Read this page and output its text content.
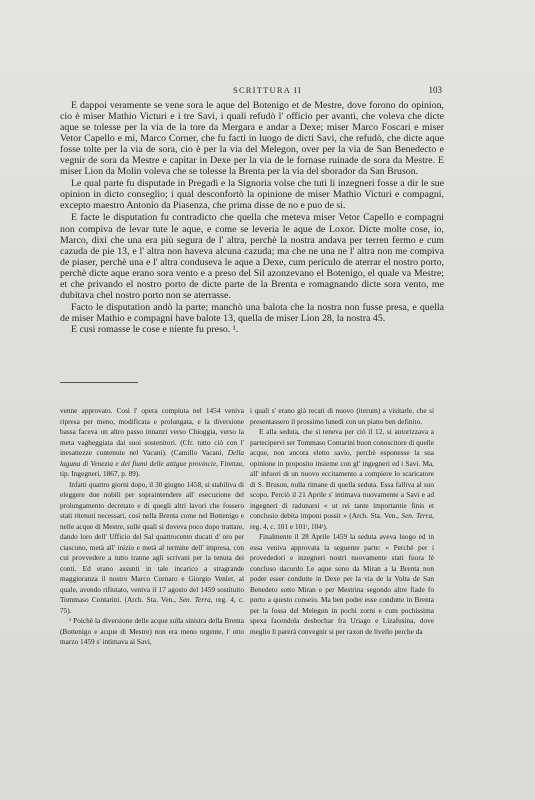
SCRITTURA II	103

E dappoi veramente se vene sora le aque del Botenigo et de Mestre, dove forono do opinion, cio è miser Mathio Victuri e i tre Savi, i quali refudò l' officio per avanti, che voleva che dicte aque se tolesse per la via de la tore da Mergara e andar a Dexe; miser Marco Foscari e miser Vetor Capello e mi, Marco Corner, che fu facti in luogo de dicti Savi, che refudò, che dicte aque fosse tolte per la via de sora, cio è per la via del Melegon, over per la via de San Benedecto e vegnir de sora da Mestre e capitar in Dexe per la via de le fornase ruinade de sora da Mestre. E miser Lion da Molin voleva che se tolesse la Brenta per la via del sborador da San Bruson.

Le qual parte fu disputade in Pregadi e la Signoria volse che tuti li inzegneri fosse a dir le sue opinion in dicto conseglio; i qual desconfortò la opinione de miser Mathio Victuri e compagni, excepto maestro Antonio da Piasenza, che prima disse de no e puo de si.

E facte le disputation fu contradicto che quella che meteva miser Vetor Capello e compagni non compiva de levar tute le aque, e come se leveria le aque de Loxor. Dicte molte cose, io, Marco, dixi che una era più segura de l' altra, perchè la nostra andava per terren fermo e cum cazuda de pie 13, e l' altra non haveva alcuna cazuda; ma che ne una ne l' altra non me compiva de piaser, perchè una e l' altra conduseva le aque a Dexe, cum periculo de aterrar el nostro porto, perchè dicte aque erano sora vento e a preso del Sil azonzevano el Botenigo, el quale va Mestre; et che privando el nostro porto de dicte parte de la Brenta e romagnando dicte sora vento, me dubitava chel nostro porto non se aterrasse.

Facto le disputation andò la parte; manchò una balota che la nostra non fusse presa, e quella de miser Mathio e compagni have balote 13, quella de miser Lion 28, la nostra 45.

E cusi romasse le cose e niente fu preso. ¹.

venne approvato. Così l' opera compiuta nel 1454 veniva ripresa per meno, modificata e prolungata, e la diversione bassa faceva un altro passo innanzi verso Chioggia, verso la meta vagheggiata dai suoi sostenitori. (Cfr. tutto ciò con l' inesattezze contenute nel Vacani). (Camillo Vacani, Della laguna di Venezia e dei fiumi delle attigue provincie, Firenze, tip. Ingegneri, 1867, p. 89).

Infatti quattro giorni dopo, il 30 giugno 1458, si stabiliva di eleggere due nobili per sopraintendere all' esecuzione del prolungamento decretato e di quegli altri lavori che fossero stati ritenuti necessari, così nella Brenta come nel Bottenigo e nelle acque di Mestre, sulle quali si doveva poco dopo trattare, dando loro dell' Ufficio del Sal quattrocento ducati d' oro per ciascuno, metà all' inizio e metà al termine dell' impresa, con cui provvedere a tutto tranne agli scrivani per la tenuta dei conti. Ed erano assunti in tale incarico a stragrande maggioranza il nostro Marco Cornaro e Giorgio Venier, al quale, avendo rifiutato, veniva il 17 agosto del 1459 sostituito Tommaso Contarini. (Arch. Sta. Ven., Sen. Terra, reg. 4, c. 75).

¹ Poichè la diversione delle acque sulla sinistra della Brenta (Bottenigo e acque di Mestre) non era meno urgente, l' otto marzo 1459 s' intimava ai Savi,

i quali s' erano già recati di nuovo (iterum) a visitarle, che si presentassero il prossimo lunedì con un piano ben definito.

E alla seduta, che si teneva per ciò il 12, si autorizzava a partecipervi ser Tommaso Contarini buon conoscitore di quelle acque, non ancora eletto savio, perchè esponesse la sua opinione in proposito insieme con gl' ingegneri ed i Savi. Ma, all' infuori di un nuovo eccitamento a compiere lo scaricatore di S. Bruson, nulla rimane di quella seduta. Essa falliva al suo scopo. Perciò il 21 Aprile s' intimava nuovamente a Savi e ad ingegneri di radunarsi « ut rei tante importantie finis et conclusio debita imponi possit » (Arch. Sta. Ven., Sen. Terra, reg. 4, c. 101 e 101ᵗ, 104ᵗ).

Finalmente il 28 Aprile 1459 la seduta aveva luogo ed in essa veniva approvata la seguente parte: « Perchè per i provededori e inzegneri nostri nuovamente stati fuora lè concluso dacordo Le aque sono da Miran a la Brenta non poder esser condutte in Dexe per la via de la Volta de San Benedeto sotto Miran e per Mestrina segondo altre fiade fo porto a questo conseio. Ma ben poder esse condutte in Brenta per la fossa del Melegon in pochi zorni e cum pochissima spexa facendola desbochar fra Uriago e Lizafusina, dove meglio li parerà convegnir si per raxon de livello perche da
